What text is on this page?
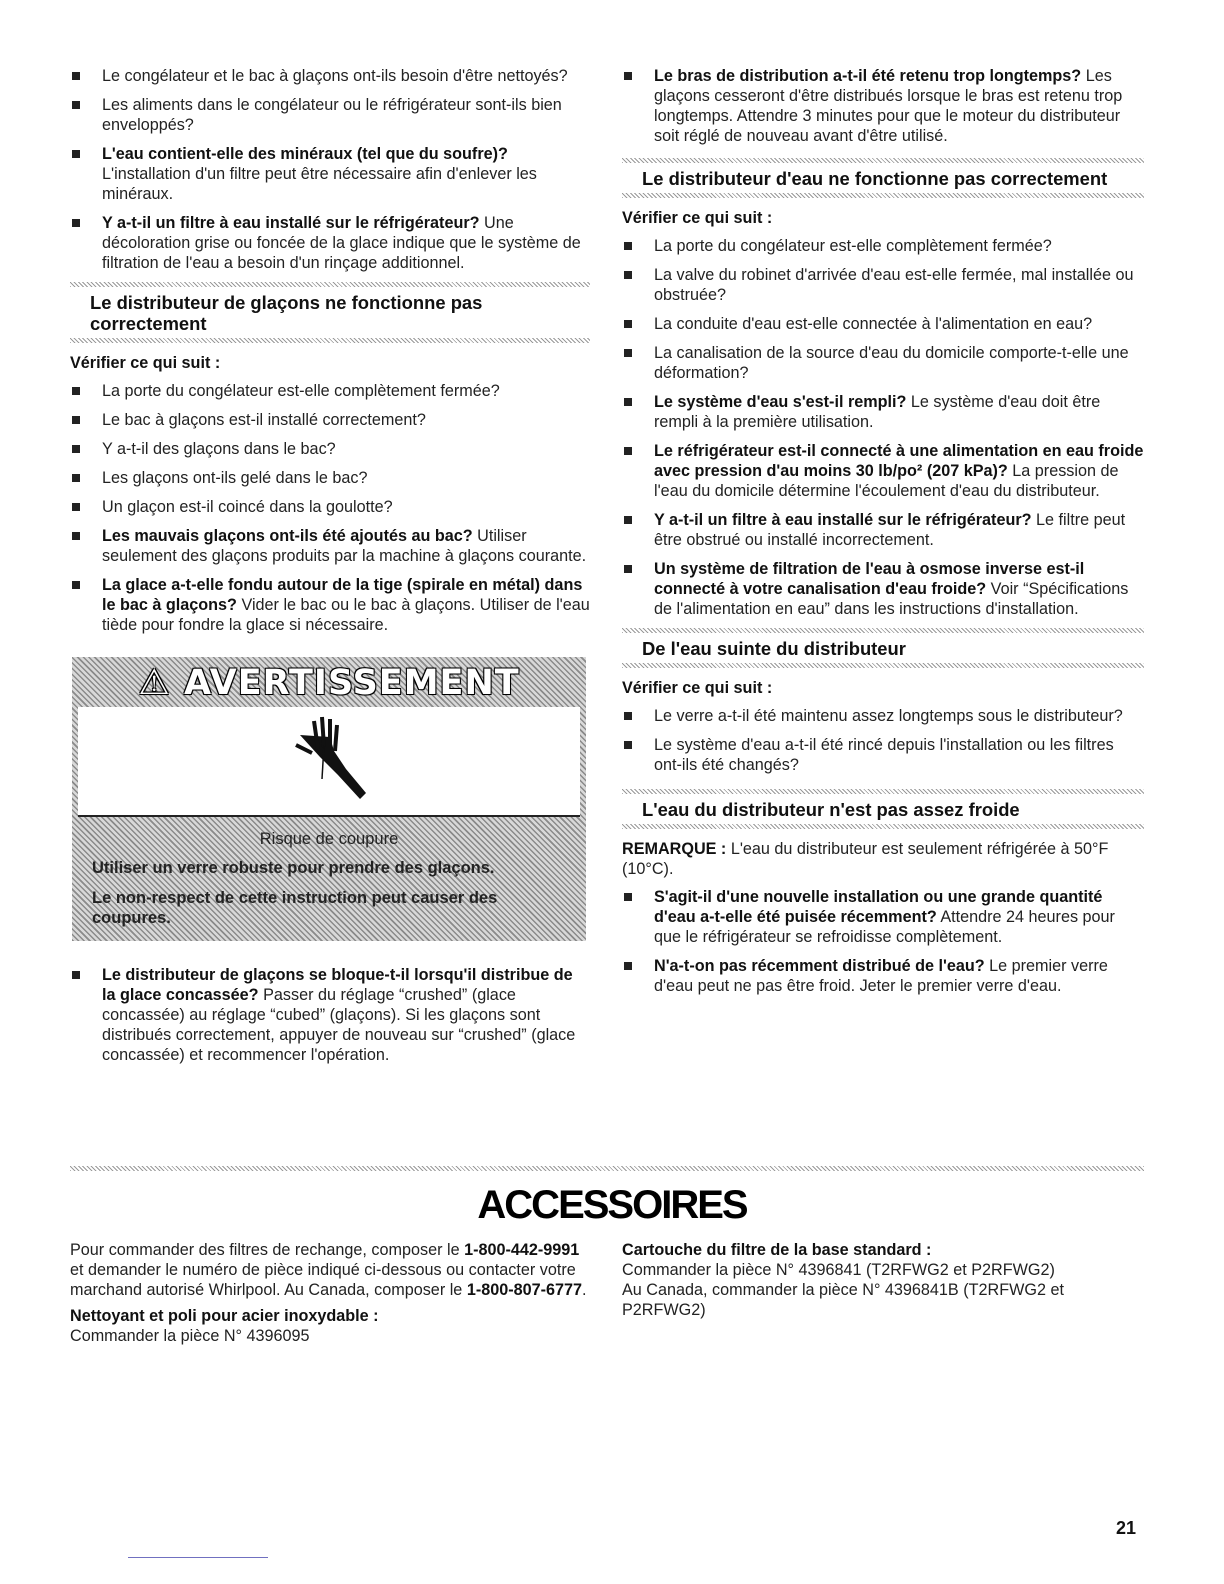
Le congélateur et le bac à glaçons ont-ils besoin d'être nettoyés?
Les aliments dans le congélateur ou le réfrigérateur sont-ils bien enveloppés?
L'eau contient-elle des minéraux (tel que du soufre)? L'installation d'un filtre peut être nécessaire afin d'enlever les minéraux.
Y a-t-il un filtre à eau installé sur le réfrigérateur? Une décoloration grise ou foncée de la glace indique que le système de filtration de l'eau a besoin d'un rinçage additionnel.
Le distributeur de glaçons ne fonctionne pas correctement
Vérifier ce qui suit :
La porte du congélateur est-elle complètement fermée?
Le bac à glaçons est-il installé correctement?
Y a-t-il des glaçons dans le bac?
Les glaçons ont-ils gelé dans le bac?
Un glaçon est-il coincé dans la goulotte?
Les mauvais glaçons ont-ils été ajoutés au bac? Utiliser seulement des glaçons produits par la machine à glaçons courante.
La glace a-t-elle fondu autour de la tige (spirale en métal) dans le bac à glaçons? Vider le bac ou le bac à glaçons. Utiliser de l'eau tiède pour fondre la glace si nécessaire.
⚠ AVERTISSEMENT
Risque de coupure
Utiliser un verre robuste pour prendre des glaçons.
Le non-respect de cette instruction peut causer des coupures.
Le distributeur de glaçons se bloque-t-il lorsqu'il distribue de la glace concassée? Passer du réglage “crushed” (glace concassée) au réglage “cubed” (glaçons). Si les glaçons sont distribués correctement, appuyer de nouveau sur “crushed” (glace concassée) et recommencer l'opération.
Le bras de distribution a-t-il été retenu trop longtemps? Les glaçons cesseront d'être distribués lorsque le bras est retenu trop longtemps. Attendre 3 minutes pour que le moteur du distributeur soit réglé de nouveau avant d'être utilisé.
Le distributeur d'eau ne fonctionne pas correctement
Vérifier ce qui suit :
La porte du congélateur est-elle complètement fermée?
La valve du robinet d'arrivée d'eau est-elle fermée, mal installée ou obstruée?
La conduite d'eau est-elle connectée à l'alimentation en eau?
La canalisation de la source d'eau du domicile comporte-t-elle une déformation?
Le système d'eau s'est-il rempli? Le système d'eau doit être rempli à la première utilisation.
Le réfrigérateur est-il connecté à une alimentation en eau froide avec pression d'au moins 30 lb/po² (207 kPa)? La pression de l'eau du domicile détermine l'écoulement d'eau du distributeur.
Y a-t-il un filtre à eau installé sur le réfrigérateur? Le filtre peut être obstrué ou installé incorrectement.
Un système de filtration de l'eau à osmose inverse est-il connecté à votre canalisation d'eau froide? Voir “Spécifications de l'alimentation en eau” dans les instructions d'installation.
De l'eau suinte du distributeur
Vérifier ce qui suit :
Le verre a-t-il été maintenu assez longtemps sous le distributeur?
Le système d'eau a-t-il été rincé depuis l'installation ou les filtres ont-ils été changés?
L'eau du distributeur n'est pas assez froide
REMARQUE : L'eau du distributeur est seulement réfrigérée à 50°F (10°C).
S'agit-il d'une nouvelle installation ou une grande quantité d'eau a-t-elle été puisée récemment? Attendre 24 heures pour que le réfrigérateur se refroidisse complètement.
N'a-t-on pas récemment distribué de l'eau? Le premier verre d'eau peut ne pas être froid. Jeter le premier verre d'eau.
ACCESSOIRES

Pour commander des filtres de rechange, composer le 1-800-442-9991 et demander le numéro de pièce indiqué ci-dessous ou contacter votre marchand autorisé Whirlpool. Au Canada, composer le 1-800-807-6777.

Nettoyant et poli pour acier inoxydable :
Commander la pièce N° 4396095
Cartouche du filtre de la base standard :
Commander la pièce N° 4396841 (T2RFWG2 et P2RFWG2)
Au Canada, commander la pièce N° 4396841B (T2RFWG2 et P2RFWG2)
21
